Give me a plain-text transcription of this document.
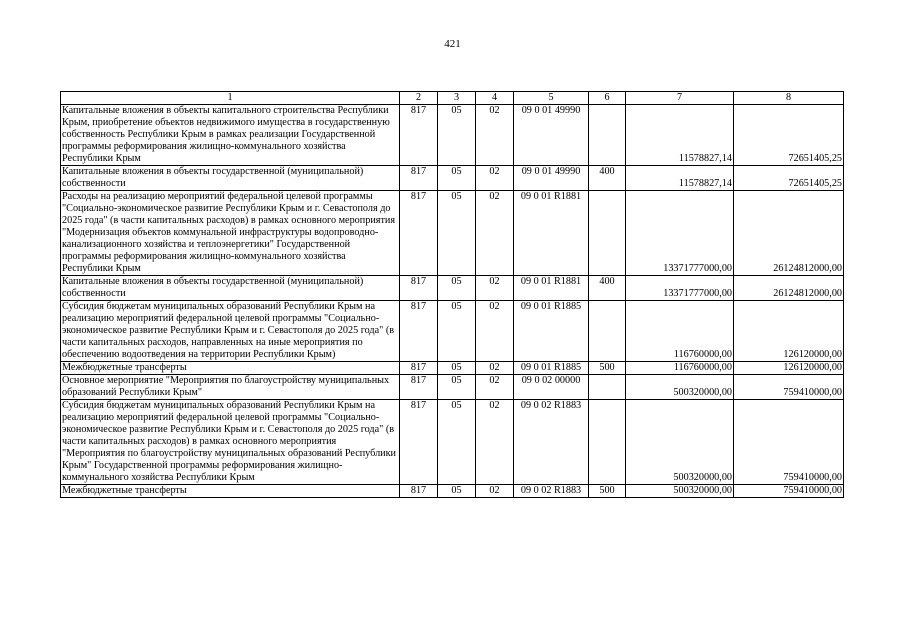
421
1	2	3	4	5	6	7	8
Капитальные вложения в объекты капитального строительства Республики Крым, приобретение объектов недвижимого имущества в государственную собственность Республики Крым в рамках реализации Государственной программы реформирования жилищно-коммунального хозяйства Республики Крым	817	05	02	09 0 01 49990		11578827,14	72651405,25
Капитальные вложения в объекты государственной (муниципальной) собственности	817	05	02	09 0 01 49990	400	11578827,14	72651405,25
Расходы на реализацию мероприятий федеральной целевой программы "Социально-экономическое развитие Республики Крым и г. Севастополя до 2025 года" (в части капитальных расходов) в рамках основного мероприятия "Модернизация объектов коммунальной инфраструктуры водопроводно-канализационного хозяйства и теплоэнергетики" Государственной программы реформирования жилищно-коммунального хозяйства Республики Крым	817	05	02	09 0 01 R1881		13371777000,00	26124812000,00
Капитальные вложения в объекты государственной (муниципальной) собственности	817	05	02	09 0 01 R1881	400	13371777000,00	26124812000,00
Субсидия бюджетам муниципальных образований Республики Крым на реализацию мероприятий федеральной целевой программы "Социально-экономическое развитие Республики Крым и г. Севастополя до 2025 года" (в части капитальных расходов, направленных на иные мероприятия по обеспечению водоотведения на территории Республики Крым)	817	05	02	09 0 01 R1885		116760000,00	126120000,00
Межбюджетные трансферты	817	05	02	09 0 01 R1885	500	116760000,00	126120000,00
Основное мероприятие "Мероприятия по благоустройству муниципальных образований Республики Крым"	817	05	02	09 0 02 00000		500320000,00	759410000,00
Субсидия бюджетам муниципальных образований Республики Крым на реализацию мероприятий федеральной целевой программы "Социально-экономическое развитие Республики Крым и г. Севастополя до 2025 года" (в части капитальных расходов) в рамках основного мероприятия "Мероприятия по благоустройству муниципальных образований Республики Крым" Государственной программы реформирования жилищно-коммунального хозяйства Республики Крым	817	05	02	09 0 02 R1883		500320000,00	759410000,00
Межбюджетные трансферты	817	05	02	09 0 02 R1883	500	500320000,00	759410000,00
